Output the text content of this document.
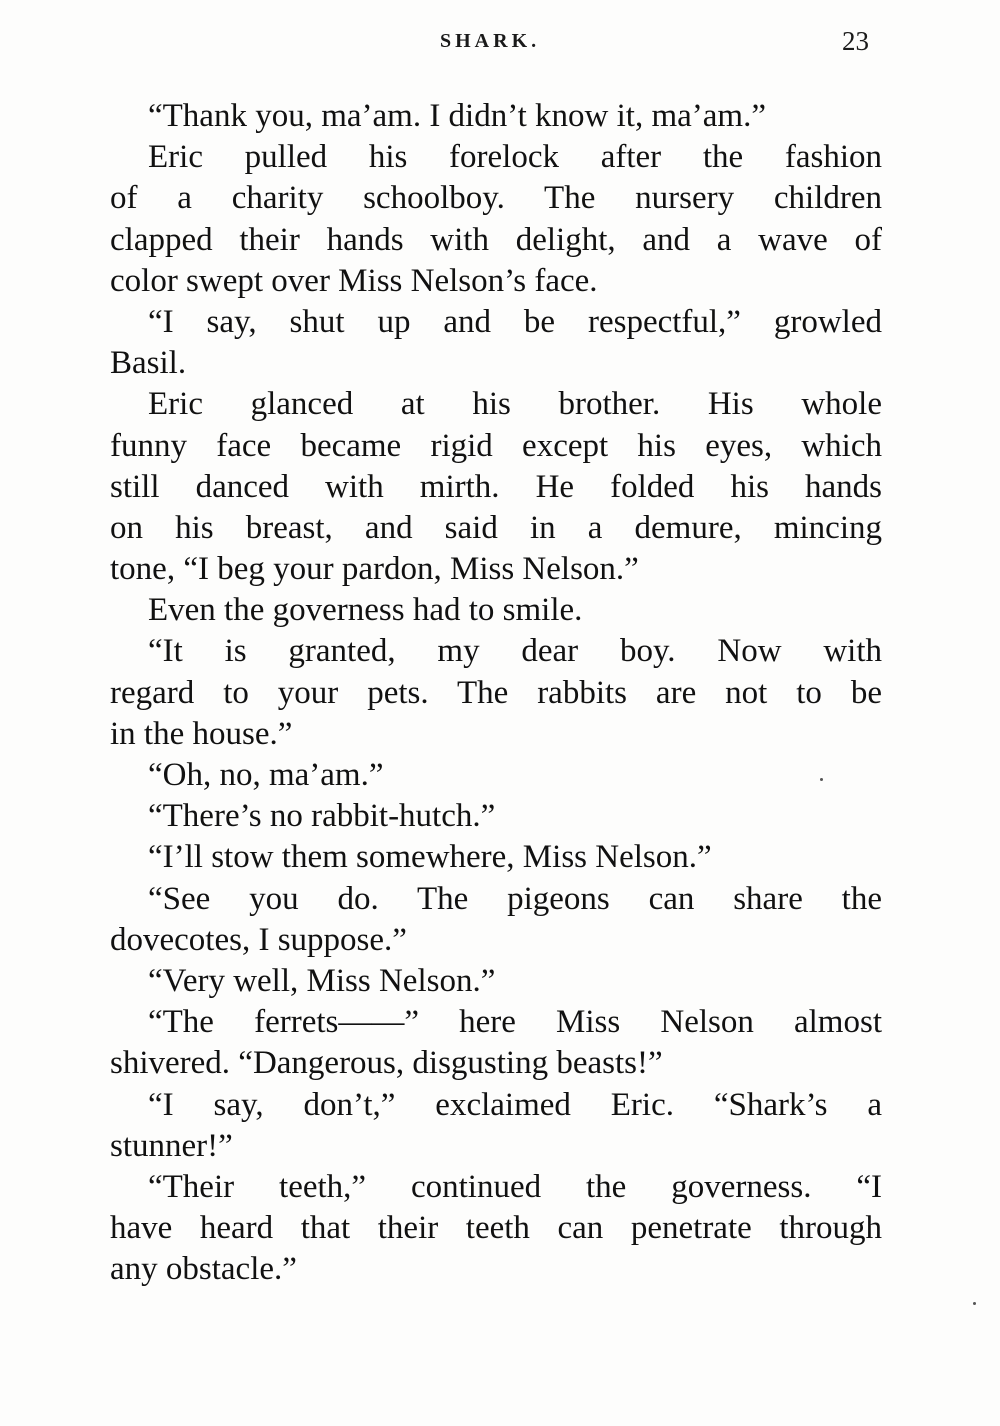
SHARK.	23
“Thank you, ma’am. I didn’t know it, ma’am.”
Eric pulled his forelock after the fashion
of a charity schoolboy. The nursery children
clapped their hands with delight, and a wave of
color swept over Miss Nelson’s face.
“I say, shut up and be respectful,” growled
Basil.
Eric glanced at his brother. His whole
funny face became rigid except his eyes, which
still danced with mirth. He folded his hands
on his breast, and said in a demure, mincing
tone, “I beg your pardon, Miss Nelson.”
Even the governess had to smile.
“It is granted, my dear boy. Now with
regard to your pets. The rabbits are not to be
in the house.”
“Oh, no, ma’am.”
“There’s no rabbit-hutch.”
“I’ll stow them somewhere, Miss Nelson.”
“See you do. The pigeons can share the
dovecotes, I suppose.”
“Very well, Miss Nelson.”
“The ferrets——” here Miss Nelson almost
shivered. “Dangerous, disgusting beasts!”
“I say, don’t,” exclaimed Eric. “Shark’s a
stunner!”
“Their teeth,” continued the governess. “I
have heard that their teeth can penetrate through
any obstacle.”
